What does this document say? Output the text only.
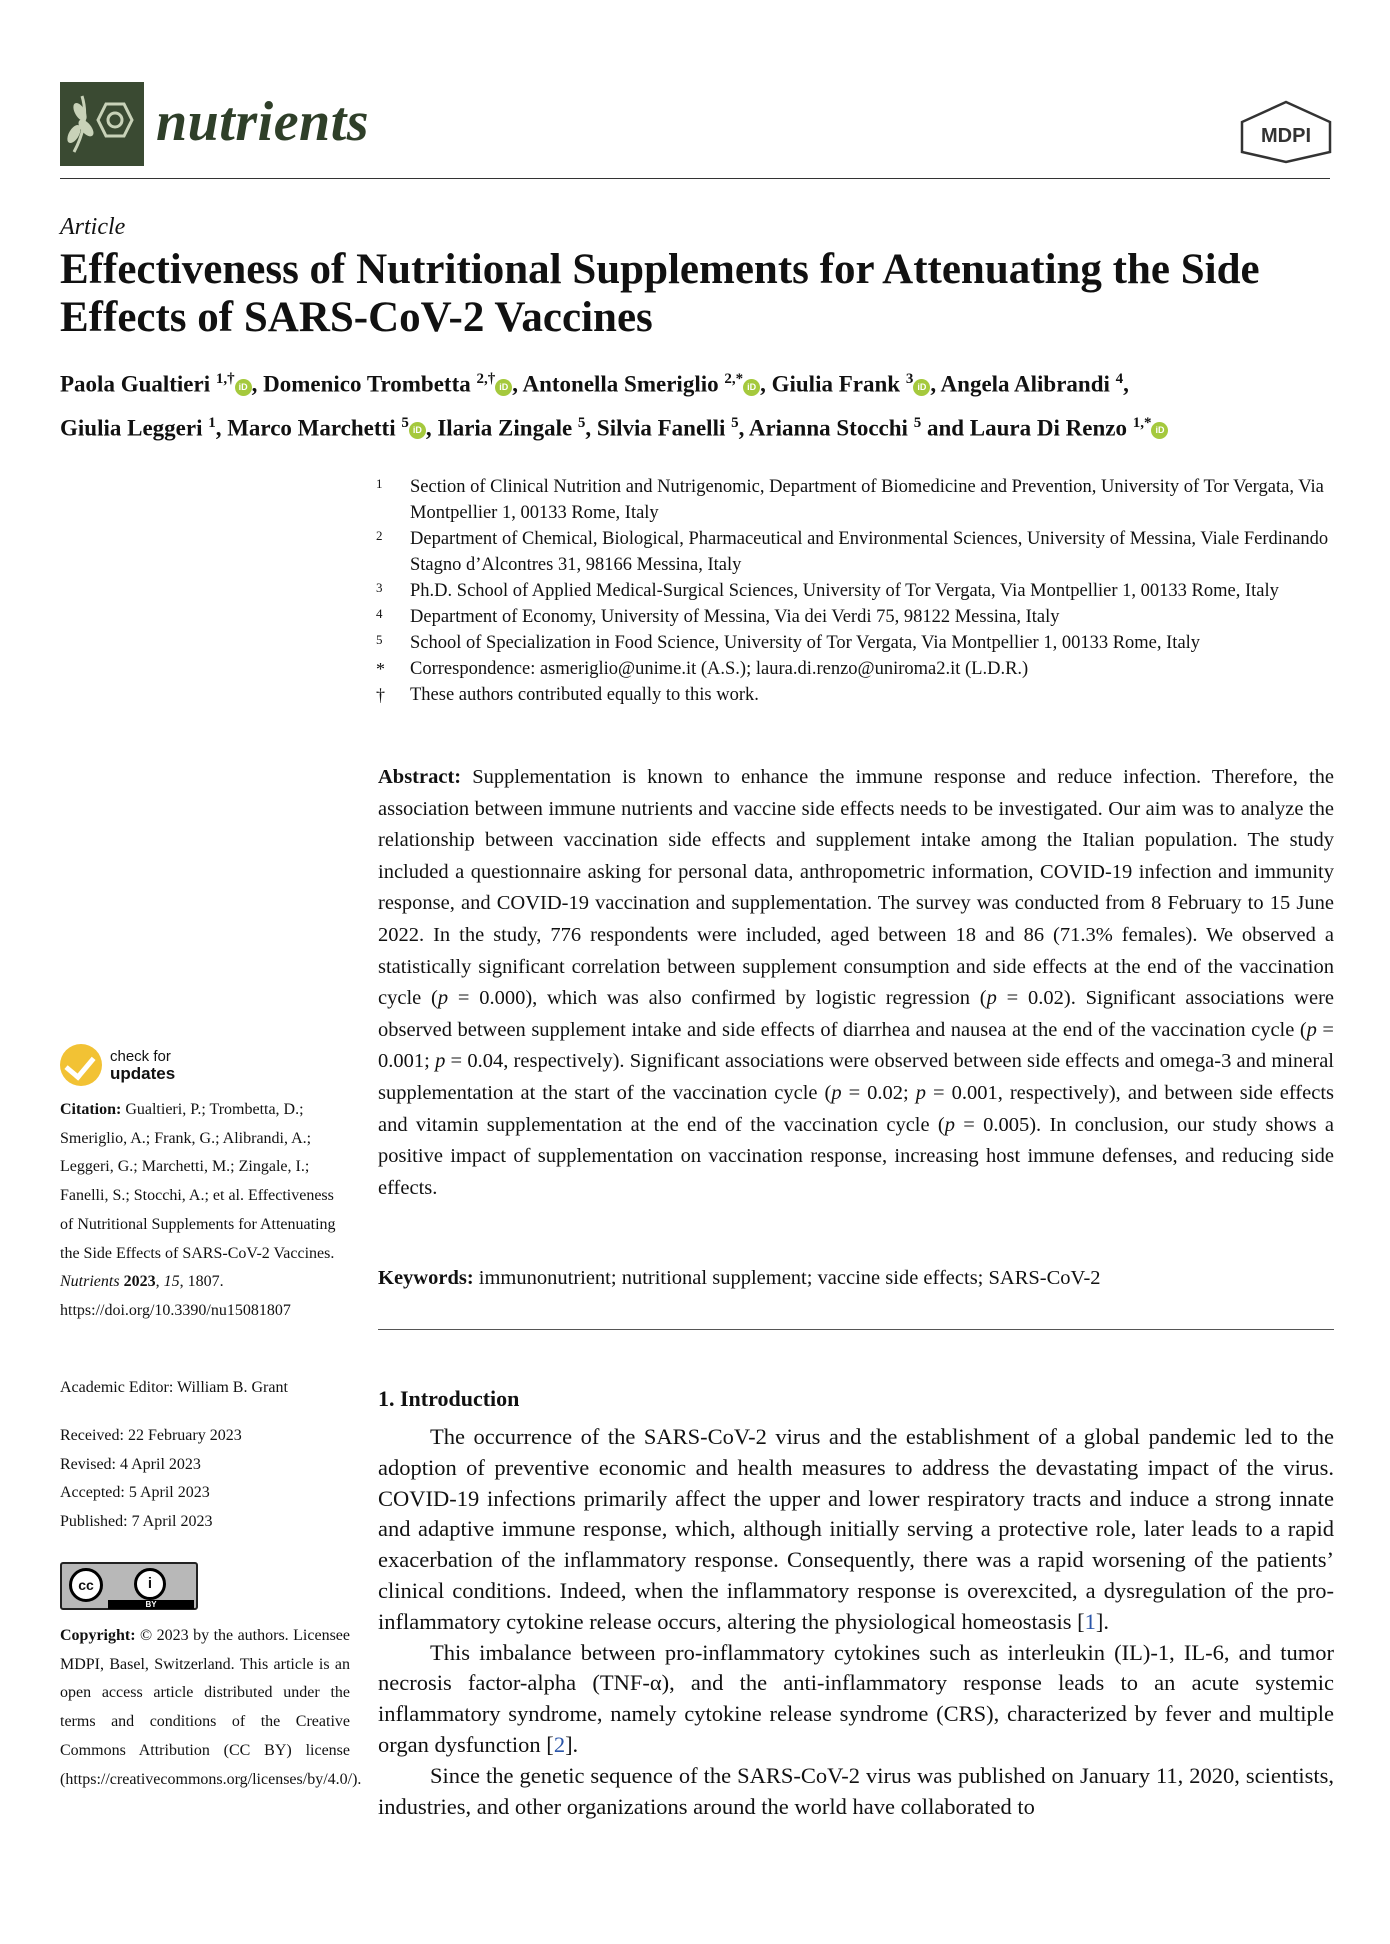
nutrients	MDPI
Article
Effectiveness of Nutritional Supplements for Attenuating the Side Effects of SARS-CoV-2 Vaccines
Paola Gualtieri $^{1,\dagger}$ iD , Domenico Trombetta $^{2,\dagger}$ iD , Antonella Smeriglio $^{2,*}$ iD , Giulia Frank $^3$ iD , Angela Alibrandi $^4$,
Giulia Leggeri $^1$, Marco Marchetti $^5$ iD , Ilaria Zingale $^5$, Silvia Fanelli $^5$, Arianna Stocchi $^5$ and Laura Di Renzo $^{1,*}$ iD
1	Section of Clinical Nutrition and Nutrigenomic, Department of Biomedicine and Prevention, University of Tor Vergata, Via Montpellier 1, 00133 Rome, Italy
2	Department of Chemical, Biological, Pharmaceutical and Environmental Sciences, University of Messina, Viale Ferdinando Stagno d’Alcontres 31, 98166 Messina, Italy
3	Ph.D. School of Applied Medical-Surgical Sciences, University of Tor Vergata, Via Montpellier 1, 00133 Rome, Italy
4	Department of Economy, University of Messina, Via dei Verdi 75, 98122 Messina, Italy
5	School of Specialization in Food Science, University of Tor Vergata, Via Montpellier 1, 00133 Rome, Italy
*	Correspondence: asmeriglio@unime.it (A.S.); laura.di.renzo@uniroma2.it (L.D.R.)
†	These authors contributed equally to this work.
Abstract: Supplementation is known to enhance the immune response and reduce infection. Therefore, the association between immune nutrients and vaccine side effects needs to be investigated. Our aim was to analyze the relationship between vaccination side effects and supplement intake among the Italian population. The study included a questionnaire asking for personal data, anthropometric information, COVID-19 infection and immunity response, and COVID-19 vaccination and supplementation. The survey was conducted from 8 February to 15 June 2022. In the study, 776 respondents were included, aged between 18 and 86 (71.3% females). We observed a statistically significant correlation between supplement consumption and side effects at the end of the vaccination cycle (p = 0.000), which was also confirmed by logistic regression (p = 0.02). Significant associations were observed between supplement intake and side effects of diarrhea and nausea at the end of the vaccination cycle (p = 0.001; p = 0.04, respectively). Significant associations were observed between side effects and omega-3 and mineral supplementation at the start of the vaccination cycle (p = 0.02; p = 0.001, respectively), and between side effects and vitamin supplementation at the end of the vaccination cycle (p = 0.005). In conclusion, our study shows a positive impact of supplementation on vaccination response, increasing host immune defenses, and reducing side effects.
Keywords: immunonutrient; nutritional supplement; vaccine side effects; SARS-CoV-2
1. Introduction

The occurrence of the SARS-CoV-2 virus and the establishment of a global pandemic led to the adoption of preventive economic and health measures to address the devastating impact of the virus. COVID-19 infections primarily affect the upper and lower respiratory tracts and induce a strong innate and adaptive immune response, which, although initially serving a protective role, later leads to a rapid exacerbation of the inflammatory response. Consequently, there was a rapid worsening of the patients’ clinical conditions. Indeed, when the inflammatory response is overexcited, a dysregulation of the pro-inflammatory cytokine release occurs, altering the physiological homeostasis [1].

This imbalance between pro-inflammatory cytokines such as interleukin (IL)-1, IL-6, and tumor necrosis factor-alpha (TNF-α), and the anti-inflammatory response leads to an acute systemic inflammatory syndrome, namely cytokine release syndrome (CRS), characterized by fever and multiple organ dysfunction [2].

Since the genetic sequence of the SARS-CoV-2 virus was published on January 11, 2020, scientists, industries, and other organizations around the world have collaborated to

check for
updates
Citation: Gualtieri, P.; Trombetta, D.; Smeriglio, A.; Frank, G.; Alibrandi, A.; Leggeri, G.; Marchetti, M.; Zingale, I.; Fanelli, S.; Stocchi, A.; et al. Effectiveness of Nutritional Supplements for Attenuating the Side Effects of SARS-CoV-2 Vaccines. Nutrients 2023, 15, 1807. https://doi.org/10.3390/nu15081807
Academic Editor: William B. Grant
Received: 22 February 2023
Revised: 4 April 2023
Accepted: 5 April 2023
Published: 7 April 2023
cc	i
BY
Copyright: © 2023 by the authors. Licensee MDPI, Basel, Switzerland. This article is an open access article distributed under the terms and conditions of the Creative Commons Attribution (CC BY) license (https://creativecommons.org/licenses/by/4.0/).
